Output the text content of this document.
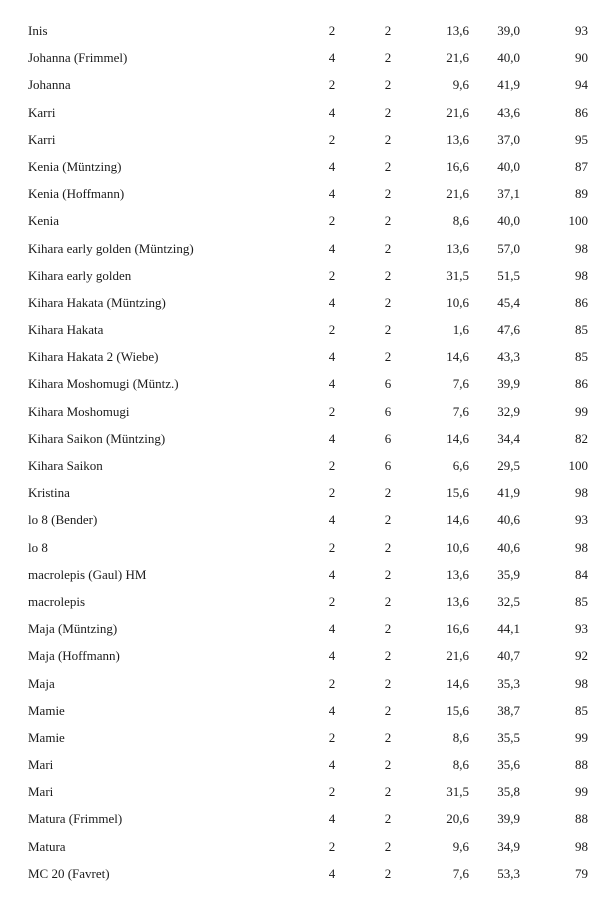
Inis	2	2	13,6	39,0	93
Johanna (Frimmel)	4	2	21,6	40,0	90
Johanna	2	2	9,6	41,9	94
Karri	4	2	21,6	43,6	86
Karri	2	2	13,6	37,0	95
Kenia (Müntzing)	4	2	16,6	40,0	87
Kenia (Hoffmann)	4	2	21,6	37,1	89
Kenia	2	2	8,6	40,0	100
Kihara early golden (Müntzing)	4	2	13,6	57,0	98
Kihara early golden	2	2	31,5	51,5	98
Kihara Hakata (Müntzing)	4	2	10,6	45,4	86
Kihara Hakata	2	2	1,6	47,6	85
Kihara Hakata 2 (Wiebe)	4	2	14,6	43,3	85
Kihara Moshomugi (Müntz.)	4	6	7,6	39,9	86
Kihara Moshomugi	2	6	7,6	32,9	99
Kihara Saikon (Müntzing)	4	6	14,6	34,4	82
Kihara Saikon	2	6	6,6	29,5	100
Kristina	2	2	15,6	41,9	98
lo 8 (Bender)	4	2	14,6	40,6	93
lo 8	2	2	10,6	40,6	98
macrolepis (Gaul) HM	4	2	13,6	35,9	84
macrolepis	2	2	13,6	32,5	85
Maja (Müntzing)	4	2	16,6	44,1	93
Maja (Hoffmann)	4	2	21,6	40,7	92
Maja	2	2	14,6	35,3	98
Mamie	4	2	15,6	38,7	85
Mamie	2	2	8,6	35,5	99
Mari	4	2	8,6	35,6	88
Mari	2	2	31,5	35,8	99
Matura (Frimmel)	4	2	20,6	39,9	88
Matura	2	2	9,6	34,9	98
MC 20 (Favret)	4	2	7,6	53,3	79
